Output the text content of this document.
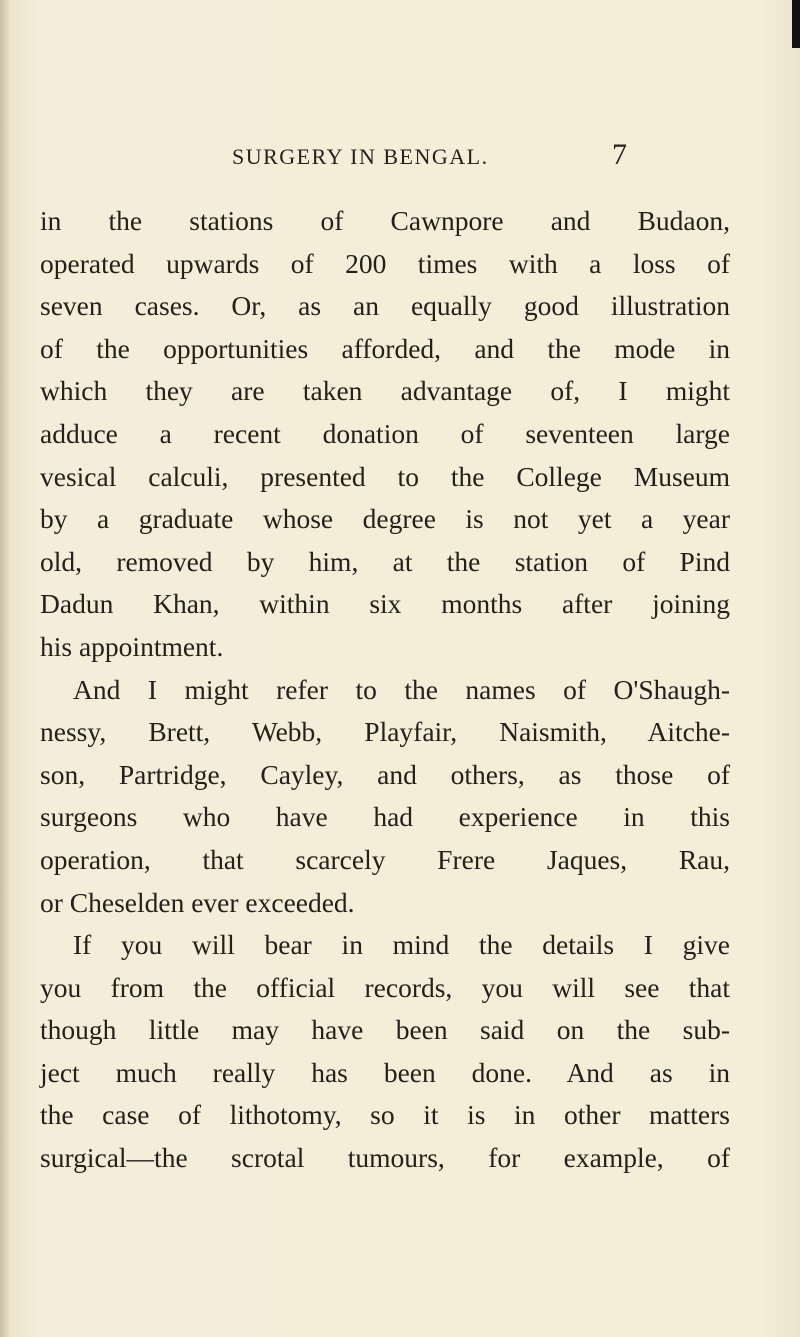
SURGERY IN BENGAL.	7
in the stations of Cawnpore and Budaon,
operated upwards of 200 times with a loss of
seven cases. Or, as an equally good illustration
of the opportunities afforded, and the mode in
which they are taken advantage of, I might
adduce a recent donation of seventeen large
vesical calculi, presented to the College Museum
by a graduate whose degree is not yet a year
old, removed by him, at the station of Pind
Dadun Khan, within six months after joining
his appointment.
And I might refer to the names of O'Shaugh-
nessy, Brett, Webb, Playfair, Naismith, Aitche-
son, Partridge, Cayley, and others, as those of
surgeons who have had experience in this
operation, that scarcely Frere Jaques, Rau,
or Cheselden ever exceeded.
If you will bear in mind the details I give
you from the official records, you will see that
though little may have been said on the sub-
ject much really has been done. And as in
the case of lithotomy, so it is in other matters
surgical—the scrotal tumours, for example, of
